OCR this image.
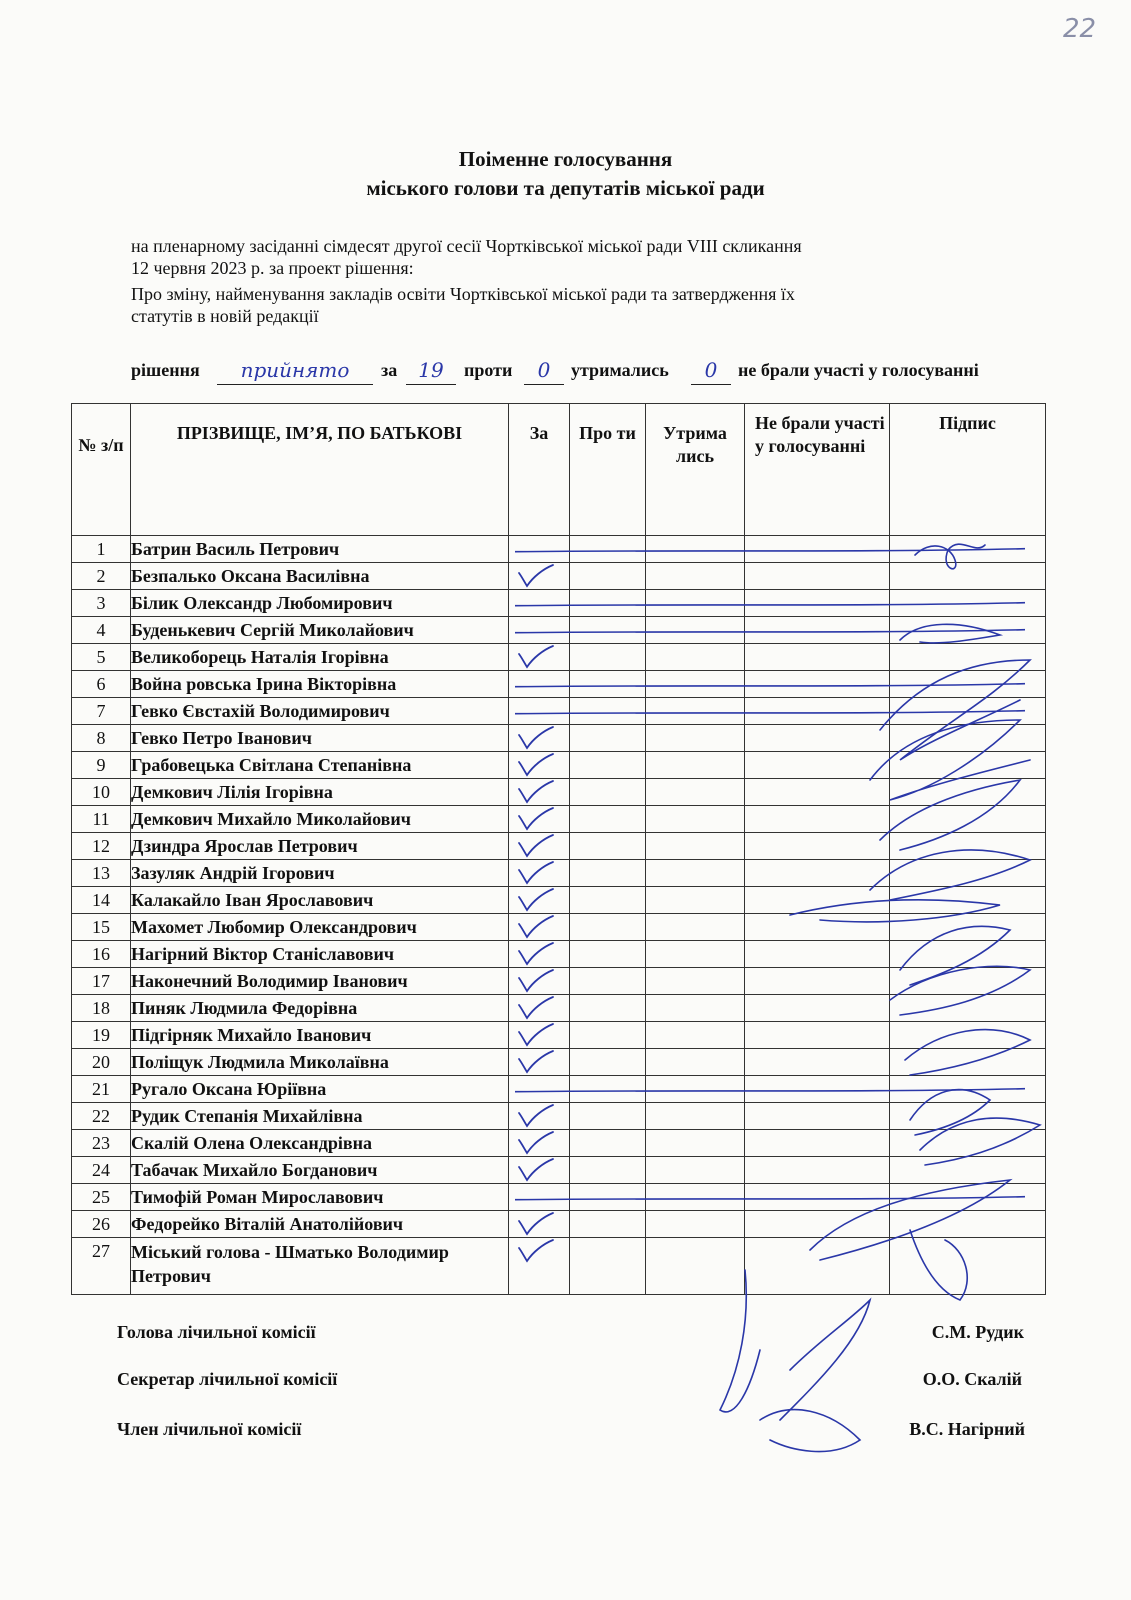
22
Поіменне голосування
міського голови та депутатів міської ради
на пленарному засіданні сімдесят другої сесії Чортківської міської ради VIII скликання
12 червня 2023 р. за проект рішення:
Про зміну, найменування закладів освіти Чортківської міської ради та затвердження їх
статутів в новій редакції
рішення	прийнято	за	19	проти	0	утримались	0	не брали участі у голосуванні
№ з/п	ПРІЗВИЩЕ, ІМ’Я, ПО БАТЬКОВІ	За	Про ти	Утрима лись	Не брали участі у голосуванні	Підпис
1	Батрин Василь Петрович					
2	Безпалько Оксана Василівна	

3	Білик Олександр Любомирович					
4	Буденькевич Сергій Миколайович					
5	Великоборець Наталія Ігорівна	

6	Война ровська Ірина Вікторівна					
7	Гевко Євстахій Володимирович					
8	Гевко Петро Іванович	

9	Грабовецька Світлана Степанівна	

10	Демкович Лілія Ігорівна	

11	Демкович Михайло Миколайович	

12	Дзиндра Ярослав Петрович	

13	Зазуляк Андрій Ігорович	

14	Калакайло Іван Ярославович	

15	Махомет Любомир Олександрович	

16	Нагірний Віктор Станіславович	

17	Наконечний Володимир Іванович	

18	Пиняк Людмила Федорівна	

19	Підгірняк Михайло Іванович	

20	Поліщук Людмила Миколаївна	

21	Ругало Оксана Юріївна					
22	Рудик Степанія Михайлівна	

23	Скалій Олена Олександрівна	

24	Табачак Михайло Богданович	

25	Тимофій Роман Мирославович					
26	Федорейко Віталій Анатолійович	

27	Міський голова - Шматько Володимир Петрович	

Голова лічильної комісії	С.М. Рудик
Секретар лічильної комісії	О.О. Скалій
Член лічильної комісії	В.С. Нагірний
